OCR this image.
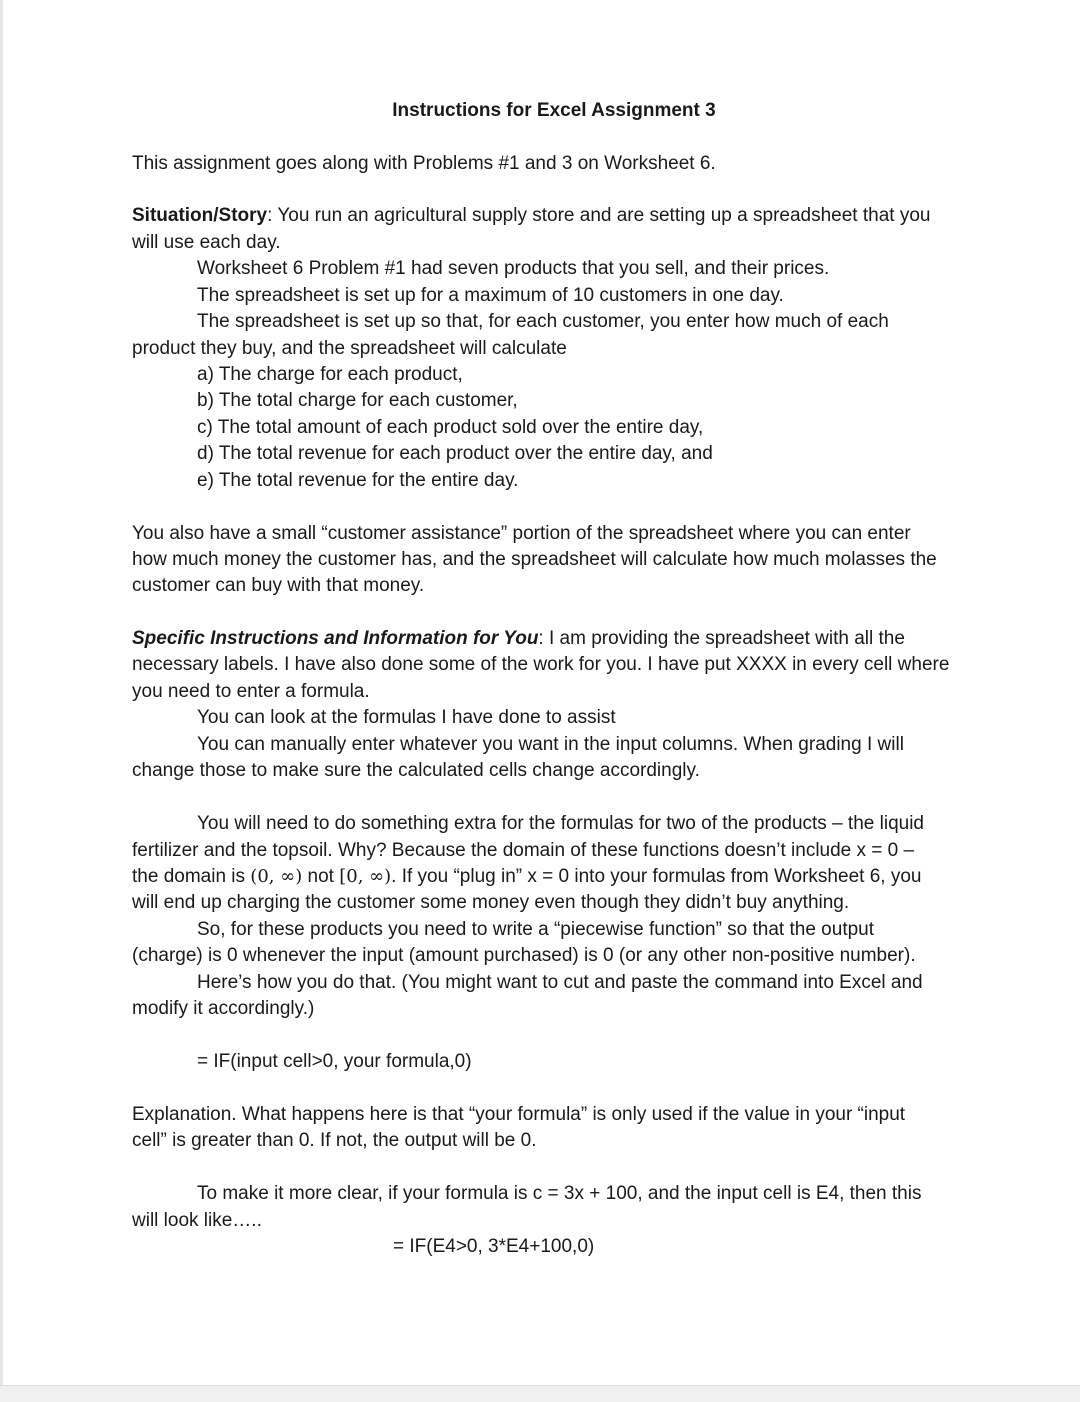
Instructions for Excel Assignment 3
This assignment goes along with Problems #1 and 3 on Worksheet 6.
Situation/Story: You run an agricultural supply store and are setting up a spreadsheet that you
will use each day.
Worksheet 6 Problem #1 had seven products that you sell, and their prices.
The spreadsheet is set up for a maximum of 10 customers in one day.
The spreadsheet is set up so that, for each customer, you enter how much of each
product they buy, and the spreadsheet will calculate
a) The charge for each product,
b) The total charge for each customer,
c) The total amount of each product sold over the entire day,
d) The total revenue for each product over the entire day, and
e) The total revenue for the entire day.
You also have a small “customer assistance” portion of the spreadsheet where you can enter
how much money the customer has, and the spreadsheet will calculate how much molasses the
customer can buy with that money.
Specific Instructions and Information for You: I am providing the spreadsheet with all the
necessary labels. I have also done some of the work for you. I have put XXXX in every cell where
you need to enter a formula.
You can look at the formulas I have done to assist
You can manually enter whatever you want in the input columns. When grading I will
change those to make sure the calculated cells change accordingly.
You will need to do something extra for the formulas for two of the products – the liquid
fertilizer and the topsoil. Why? Because the domain of these functions doesn’t include x = 0 –
the domain is (0, ∞) not [0, ∞). If you “plug in” x = 0 into your formulas from Worksheet 6, you
will end up charging the customer some money even though they didn’t buy anything.
So, for these products you need to write a “piecewise function” so that the output
(charge) is 0 whenever the input (amount purchased) is 0 (or any other non-positive number).
Here’s how you do that. (You might want to cut and paste the command into Excel and
modify it accordingly.)
= IF(input cell>0, your formula,0)
Explanation. What happens here is that “your formula” is only used if the value in your “input
cell” is greater than 0. If not, the output will be 0.
To make it more clear, if your formula is c = 3x + 100, and the input cell is E4, then this
will look like…..
= IF(E4>0, 3*E4+100,0)
